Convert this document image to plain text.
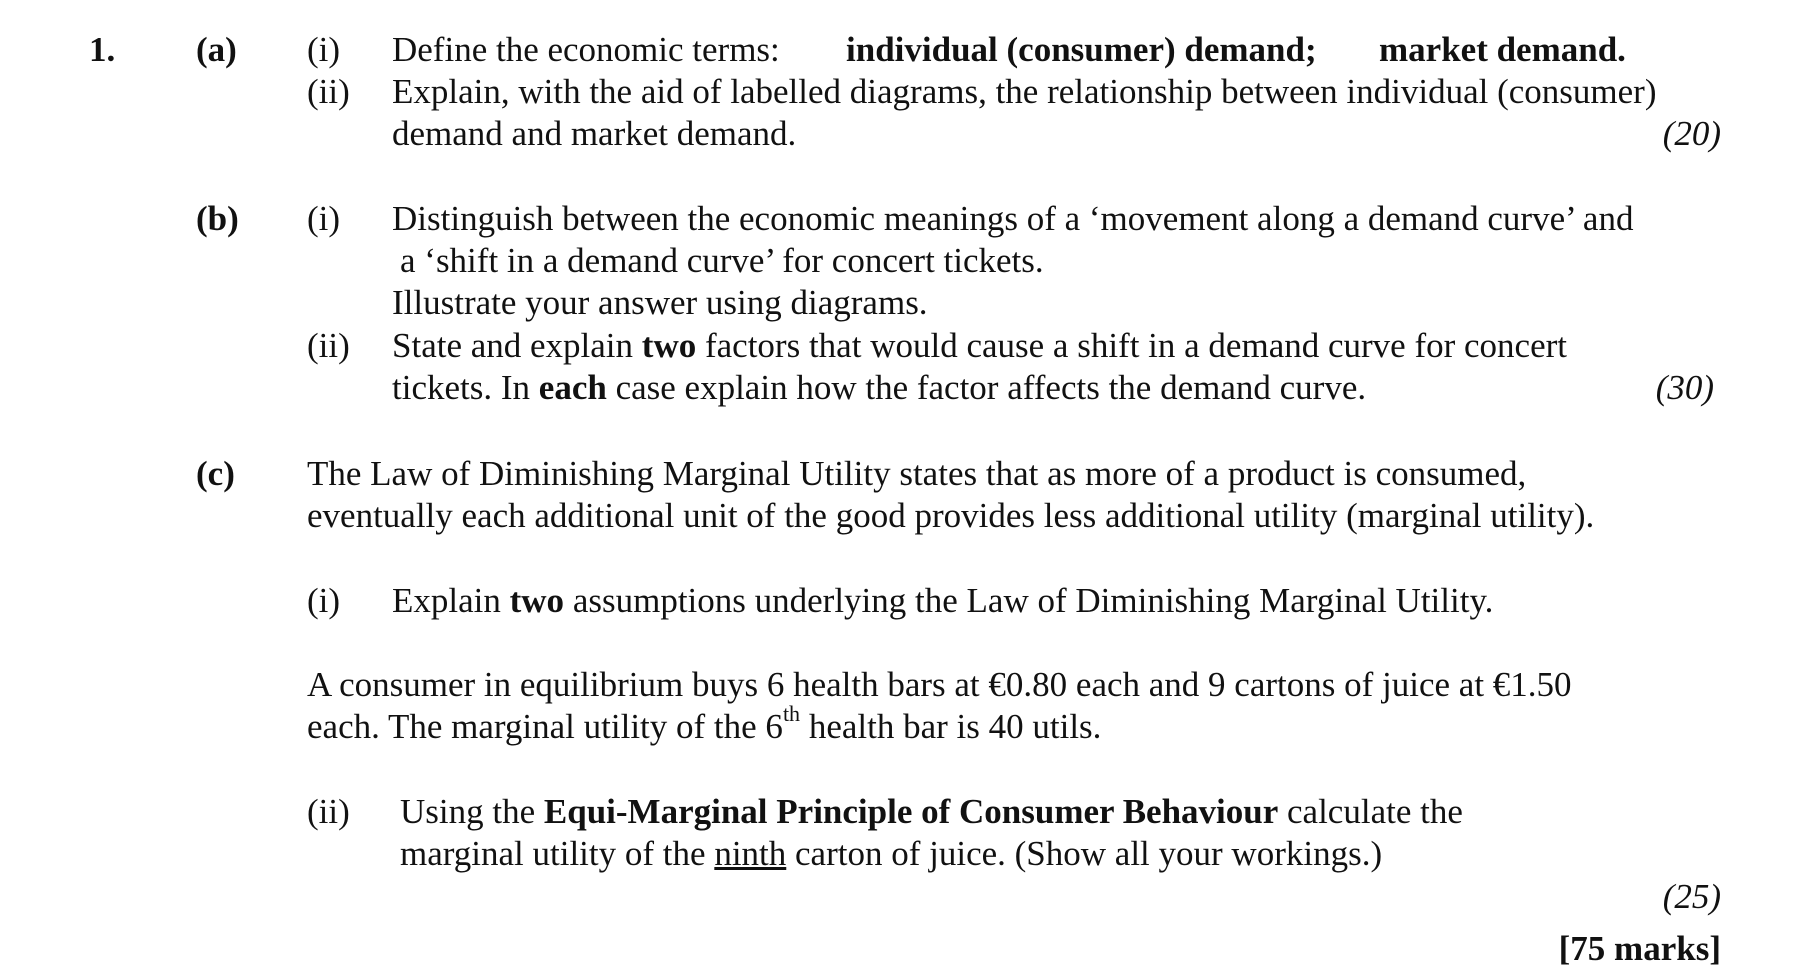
1. (a) (i) Define the economic terms: individual (consumer) demand; market demand.
(ii) Explain, with the aid of labelled diagrams, the relationship between individual (consumer)
demand and market demand.	(20)
(b) (i) Distinguish between the economic meanings of a ‘movement along a demand curve’ and
a ‘shift in a demand curve’ for concert tickets.
Illustrate your answer using diagrams.
(ii) State and explain two factors that would cause a shift in a demand curve for concert
tickets. In each case explain how the factor affects the demand curve.	(30)
(c) The Law of Diminishing Marginal Utility states that as more of a product is consumed,
eventually each additional unit of the good provides less additional utility (marginal utility).
(i) Explain two assumptions underlying the Law of Diminishing Marginal Utility.
A consumer in equilibrium buys 6 health bars at €0.80 each and 9 cartons of juice at €1.50
each. The marginal utility of the 6th health bar is 40 utils.
(ii) Using the Equi-Marginal Principle of Consumer Behaviour calculate the
marginal utility of the ninth carton of juice. (Show all your workings.)
(25)
[75 marks]
